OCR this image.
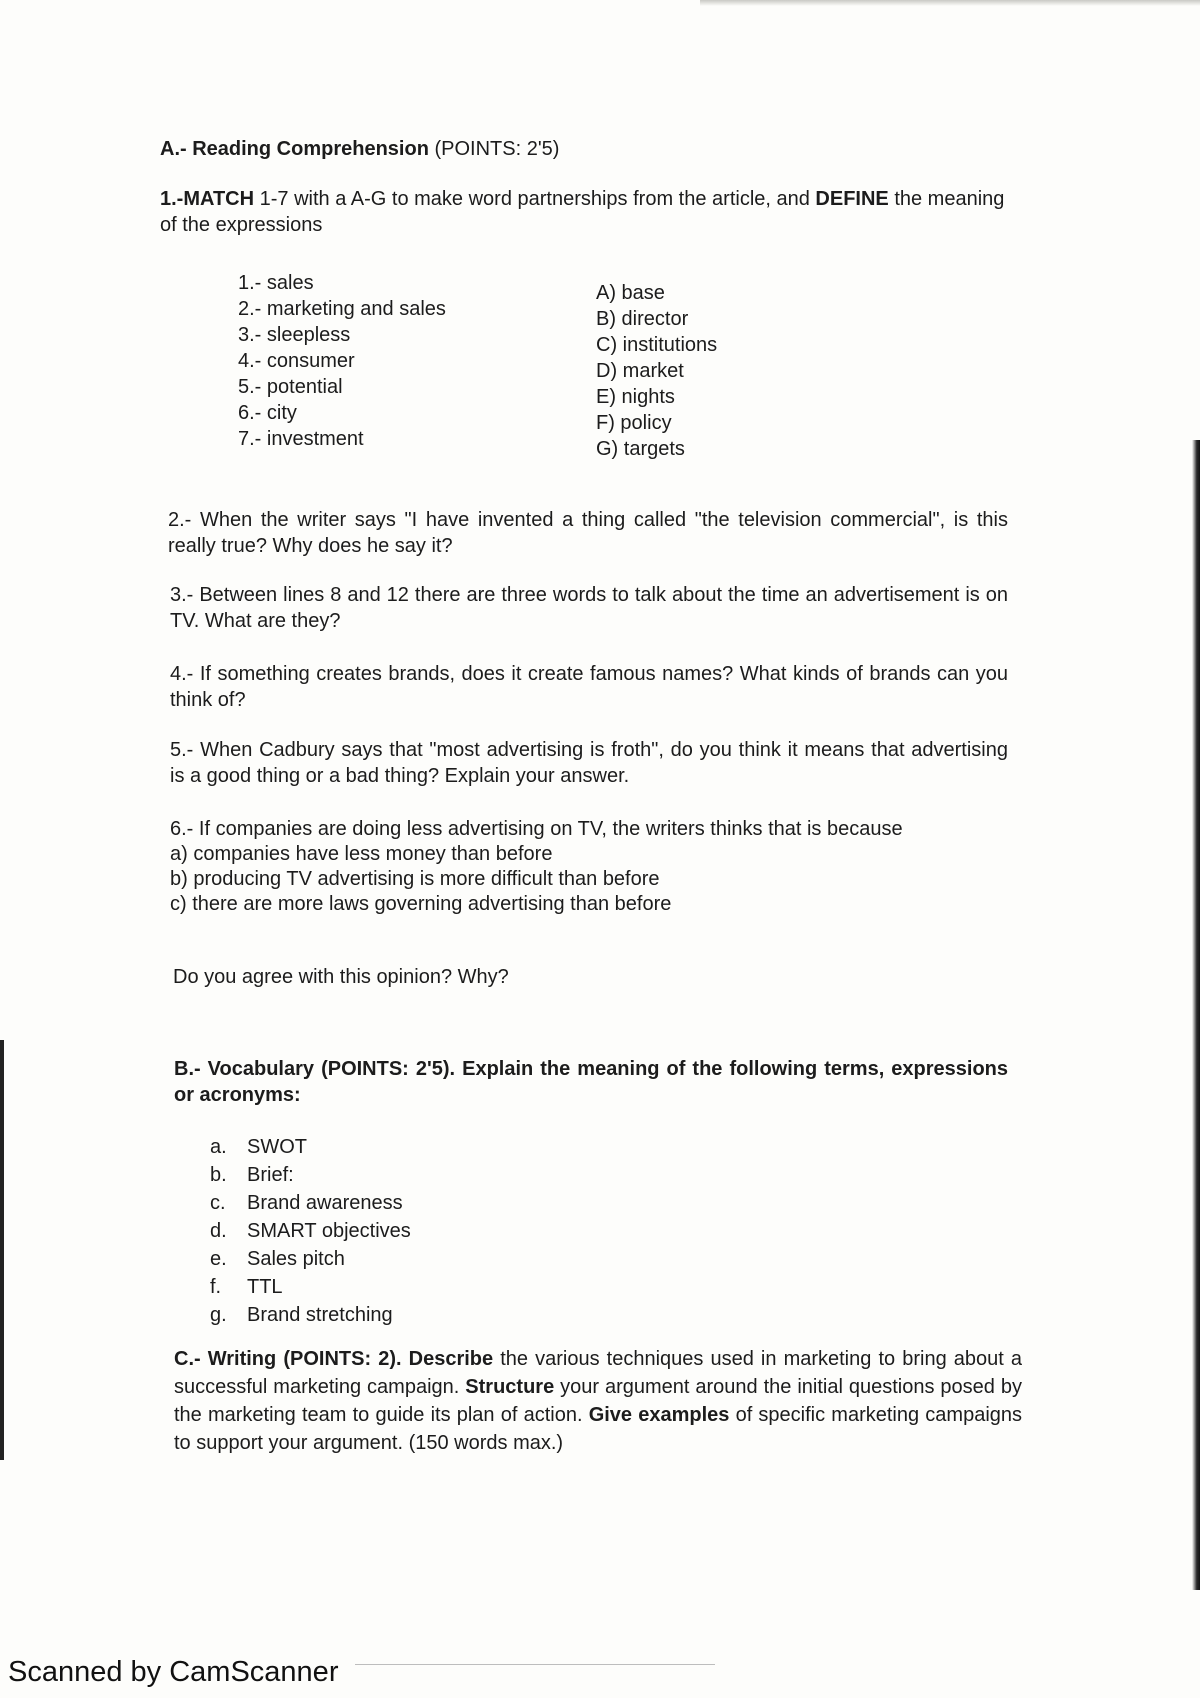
A.- Reading Comprehension (POINTS: 2'5)
1.-MATCH 1-7 with a A-G to make word partnerships from the article, and DEFINE the meaning of the expressions
1.- sales
2.- marketing and sales
3.- sleepless
4.- consumer
5.- potential
6.- city
7.- investment
A) base
B) director
C) institutions
D) market
E) nights
F) policy
G) targets
2.- When the writer says "I have invented a thing called "the television commercial", is this really true? Why does he say it?
3.- Between lines 8 and 12 there are three words to talk about the time an advertisement is on TV. What are they?
4.- If something creates brands, does it create famous names? What kinds of brands can you think of?
5.- When Cadbury says that "most advertising is froth", do you think it means that advertising is a good thing or a bad thing? Explain your answer.
6.- If companies are doing less advertising on TV, the writers thinks that is because
a) companies have less money than before
b) producing TV advertising is more difficult than before
c) there are more laws governing advertising than before
Do you agree with this opinion? Why?
B.- Vocabulary (POINTS: 2'5). Explain the meaning of the following terms, expressions or acronyms:
a.	SWOT
b.	Brief:
c.	Brand awareness
d.	SMART objectives
e.	Sales pitch
f.	TTL
g.	Brand stretching
C.- Writing (POINTS: 2). Describe the various techniques used in marketing to bring about a successful marketing campaign. Structure your argument around the initial questions posed by the marketing team to guide its plan of action. Give examples of specific marketing campaigns to support your argument. (150 words max.)
Scanned by CamScanner
